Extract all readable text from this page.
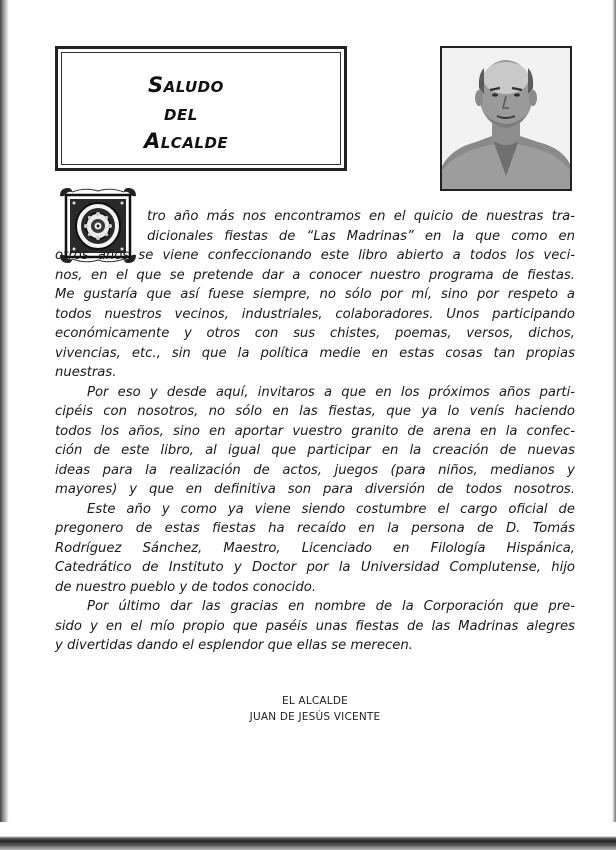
Saludo
del
Alcalde
tro año más nos encontramos en el quicio de nuestras tra-
dicionales fiestas de “Las Madrinas” en la que como en
otros años se viene confeccionando este libro abierto a todos los veci-
nos, en el que se pretende dar a conocer nuestro programa de fiestas.
Me gustaría que así fuese siempre, no sólo por mí, sino por respeto a
todos nuestros vecinos, industriales, colaboradores. Unos participando
económicamente y otros con sus chistes, poemas, versos, dichos,
vivencias, etc., sin que la política medie en estas cosas tan propias
nuestras.
Por eso y desde aquí, invitaros a que en los próximos años parti-
cipéis con nosotros, no sólo en las fiestas, que ya lo venís haciendo
todos los años, sino en aportar vuestro granito de arena en la confec-
ción de este libro, al igual que participar en la creación de nuevas
ideas para la realización de actos, juegos (para niños, medianos y
mayores) y que en definitiva son para diversión de todos nosotros.
Este año y como ya viene siendo costumbre el cargo oficial de
pregonero de estas fiestas ha recaído en la persona de D. Tomás
Rodríguez Sánchez, Maestro, Licenciado en Filología Hispánica,
Catedrático de Instituto y Doctor por la Universidad Complutense, hijo
de nuestro pueblo y de todos conocido.
Por último dar las gracias en nombre de la Corporación que pre-
sido y en el mío propio que paséis unas fiestas de las Madrinas alegres
y divertidas dando el esplendor que ellas se merecen.
EL ALCALDE
JUAN DE JESÚS VICENTE
